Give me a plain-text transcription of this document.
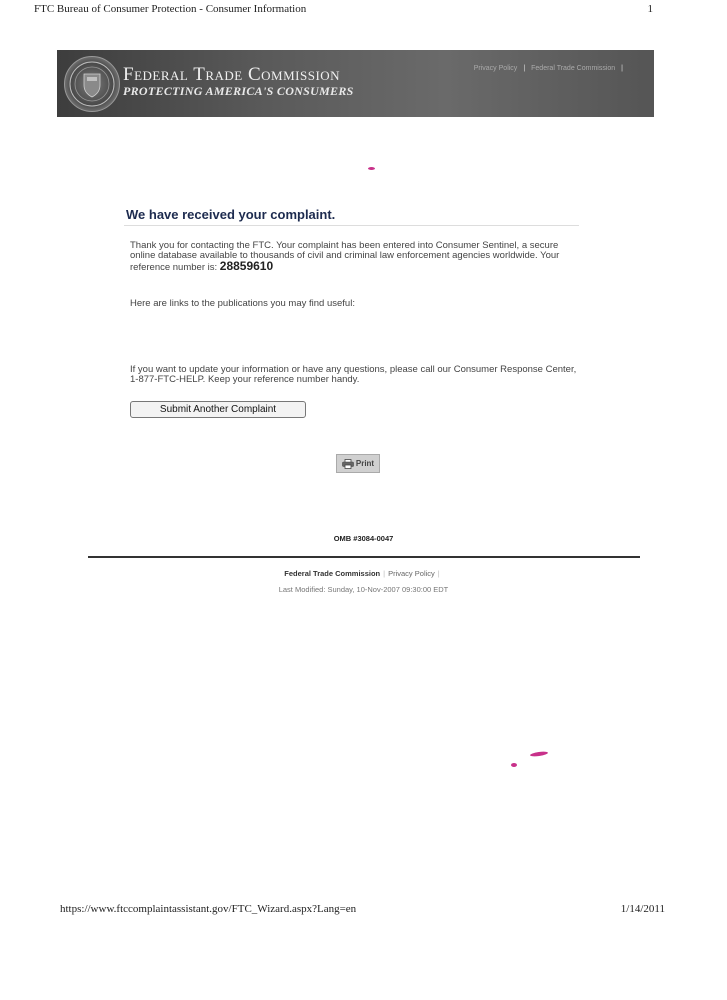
FTC Bureau of Consumer Protection - Consumer Information	1
Federal Trade Commission
PROTECTING AMERICA'S CONSUMERS
Privacy Policy | Federal Trade Commission |
We have received your complaint.

Thank you for contacting the FTC. Your complaint has been entered into Consumer Sentinel, a secure online database available to thousands of civil and criminal law enforcement agencies worldwide. Your reference number is: 28859610

Here are links to the publications you may find useful:

If you want to update your information or have any questions, please call our Consumer Response Center, 1-877-FTC-HELP. Keep your reference number handy.

Submit Another Complaint
Print
OMB #3084-0047
Federal Trade Commission | Privacy Policy |
Last Modified: Sunday, 10-Nov-2007 09:30:00 EDT
https://www.ftccomplaintassistant.gov/FTC_Wizard.aspx?Lang=en	1/14/2011
